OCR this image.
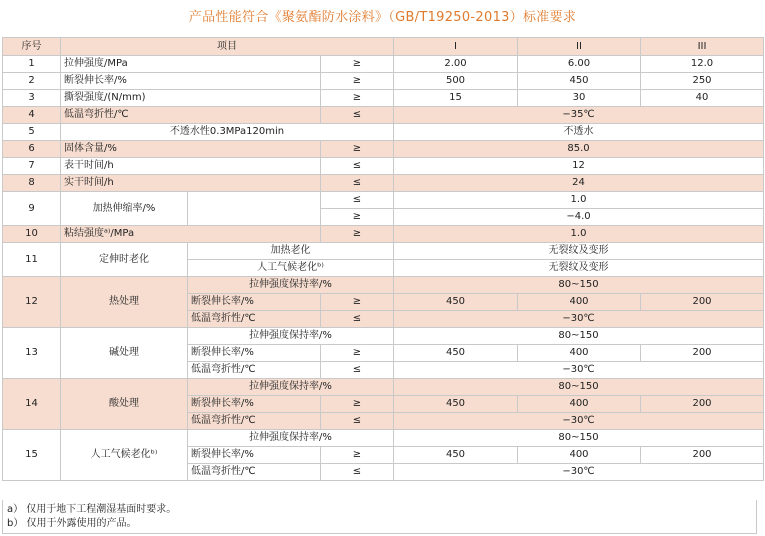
产品性能符合《聚氨酯防水涂料》（GB/T19250-2013）标准要求
序号	项目			I	II	III
1	拉伸强度/MPa		≥	2.00	6.00	12.0
2	断裂伸长率/%		≥	500	450	250
3	撕裂强度/(N/mm)		≥	15	30	40
4	低温弯折性/℃		≤	−35℃		
5	不透水性0.3MPa120min			不透水		
6	固体含量/%		≥	85.0		
7	表干时间/h		≤	12		
8	实干时间/h		≤	24		
9	加热伸缩率/%		≤	1.0		
			≥	−4.0		
10	粘结强度ᵃ⁾/MPa		≥	1.0		
11	定伸时老化	加热老化		无裂纹及变形		
		人工气候老化ᵇ⁾		无裂纹及变形		
12	热处理	拉伸强度保持率/%		80~150		
		断裂伸长率/%	≥	450	400	200
		低温弯折性/℃	≤	−30℃		
13	碱处理	拉伸强度保持率/%		80~150		
		断裂伸长率/%	≥	450	400	200
		低温弯折性/℃	≤	−30℃		
14	酸处理	拉伸强度保持率/%		80~150		
		断裂伸长率/%	≥	450	400	200
		低温弯折性/℃	≤	−30℃		
15	人工气候老化ᵇ⁾	拉伸强度保持率/%		80~150		
		断裂伸长率/%	≥	450	400	200
		低温弯折性/℃	≤	−30℃		
a） 仅用于地下工程潮湿基面时要求。
b） 仅用于外露使用的产品。
